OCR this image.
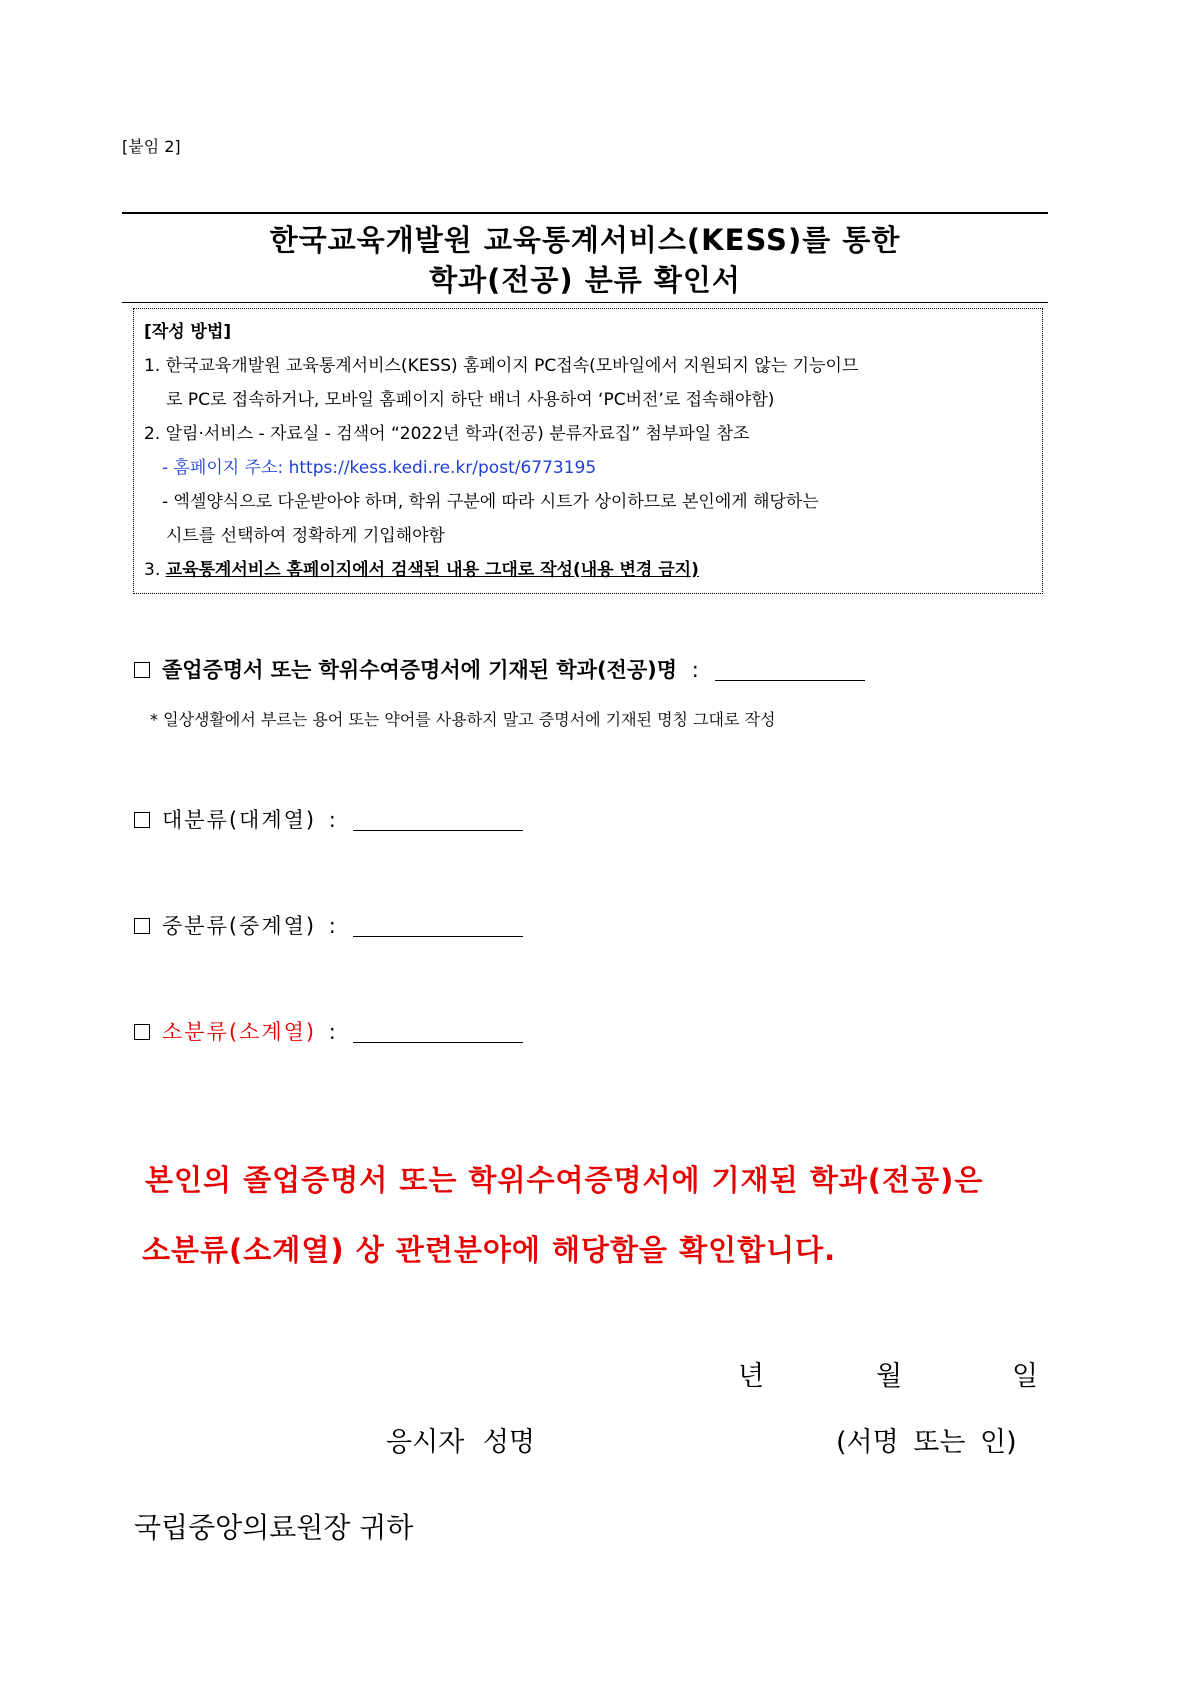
[붙임 2]
한국교육개발원 교육통계서비스(KESS)를 통한
학과(전공) 분류 확인서
[작성 방법]
1. 한국교육개발원 교육통계서비스(KESS) 홈페이지 PC접속(모바일에서 지원되지 않는 기능이므
로 PC로 접속하거나, 모바일 홈페이지 하단 배너 사용하여 ‘PC버전’로 접속해야함)
2. 알림·서비스 - 자료실 - 검색어 “2022년 학과(전공) 분류자료집” 첨부파일 참조
- 홈페이지 주소: https://kess.kedi.re.kr/post/6773195
- 엑셀양식으로 다운받아야 하며, 학위 구분에 따라 시트가 상이하므로 본인에게 해당하는
시트를 선택하여 정확하게 기입해야함
3. 교육통계서비스 홈페이지에서 검색된 내용 그대로 작성(내용 변경 금지)
졸업증명서 또는 학위수여증명서에 기재된 학과(전공)명 :
* 일상생활에서 부르는 용어 또는 약어를 사용하지 말고 증명서에 기재된 명칭 그대로 작성
대분류(대계열) :
중분류(중계열) :
소분류(소계열) :
본인의 졸업증명서 또는 학위수여증명서에 기재된 학과(전공)은
소분류(소계열) 상 관련분야에 해당함을 확인합니다.
년	월	일
응시자 성명	(서명 또는 인)
국립중앙의료원장 귀하
